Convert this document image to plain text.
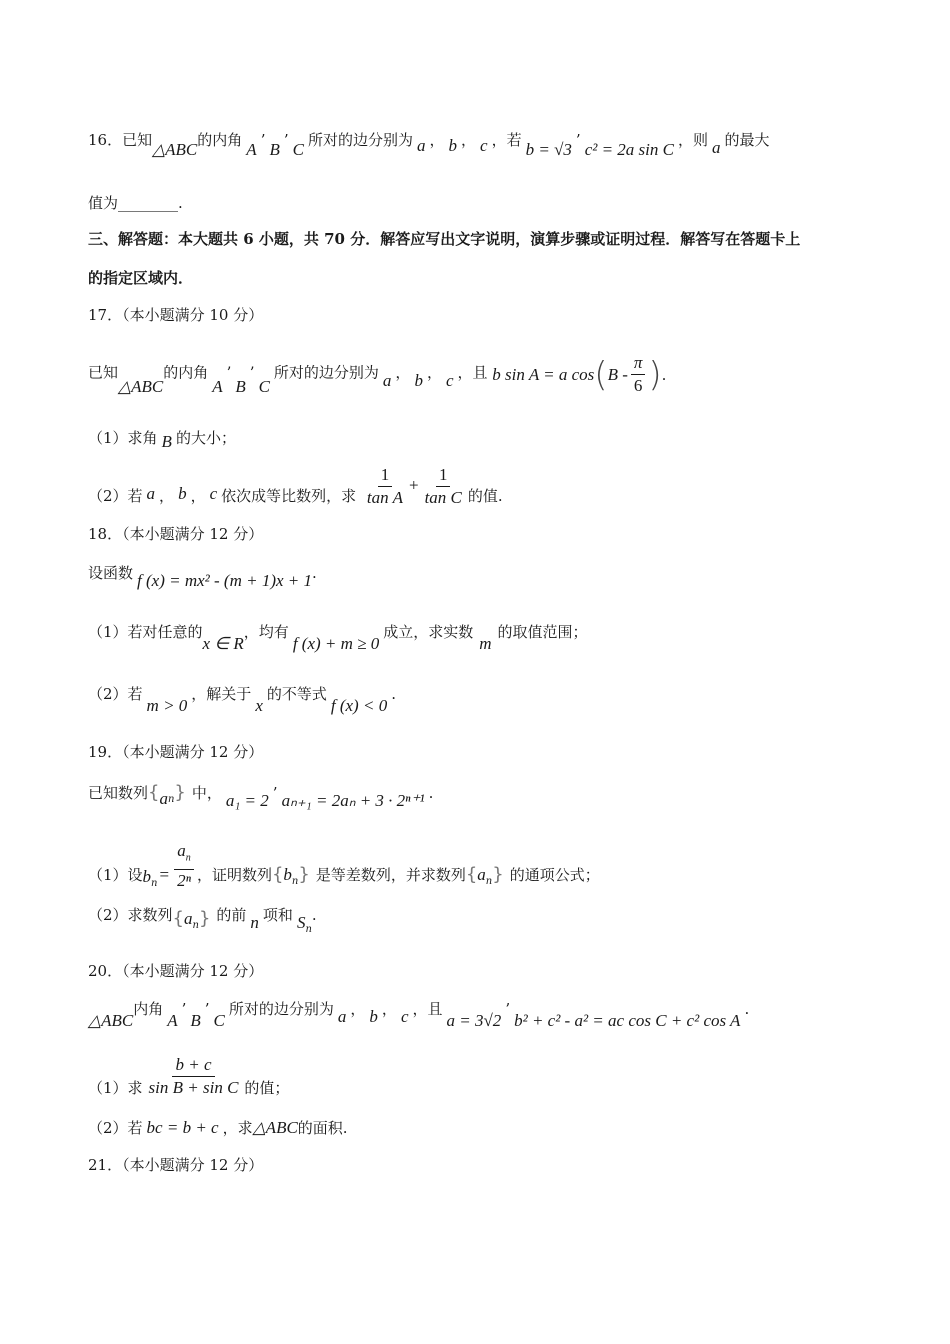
16．已知△ABC的内角 A ’ B ’ C 所对的边分别为 a ， b ， c ，若 b = √3 ’ c² = 2a sin C ，则 a 的最大
值为________.
三、解答题：本大题共 6 小题，共 70 分．解答应写出文字说明，演算步骤或证明过程．解答写在答题卡上
的指定区域内．
17．（本小题满分 10 分）
已知△ABC的内角A’B’C所对的边分别为 a ， b ， c ，且 b sin A = a cos ( B - $\frac{\pi}{6}$ ) .
（1）求角 B 的大小；
（2）若 a ， b ， c 依次成等比数列，求 $\frac{1}{\text{tan A}} + \frac{1}{\text{tan C}}$ 的值.
18．（本小题满分 12 分）
设函数 f (x) = mx² - (m + 1)x + 1.
（1）若对任意的x ∈ R，均有f (x) + m ≥ 0成立，求实数m的取值范围；
（2）若m > 0，解关于x的不等式f (x) < 0.
19．（本小题满分 12 分）
已知数列$\{a_n\}$ 中， a₁ = 2 ’ aₙ₊₁ = 2aₙ + 3 · 2ⁿ⁺¹ .
（1）设$b_n = \frac{a_n}{\text{2ⁿ}}$ ，证明数列$\{b_n\}$ 是等差数列，并求数列$\{a_n\}$ 的通项公式；
（2）求数列$\{a_n\}$ 的前 n 项和 $S_n$.
20．（本小题满分 12 分）
△ABC内角A’B’C所对的边分别为 a ， b ， c ，且a = 3√2’b² + c² - a² = ac cos C + c² cos A.
（1）求 $\frac{b + c}{\text{sin B + sin C}}$ 的值；
（2）若 bc = b + c ，求△ABC的面积.
21．（本小题满分 12 分）
